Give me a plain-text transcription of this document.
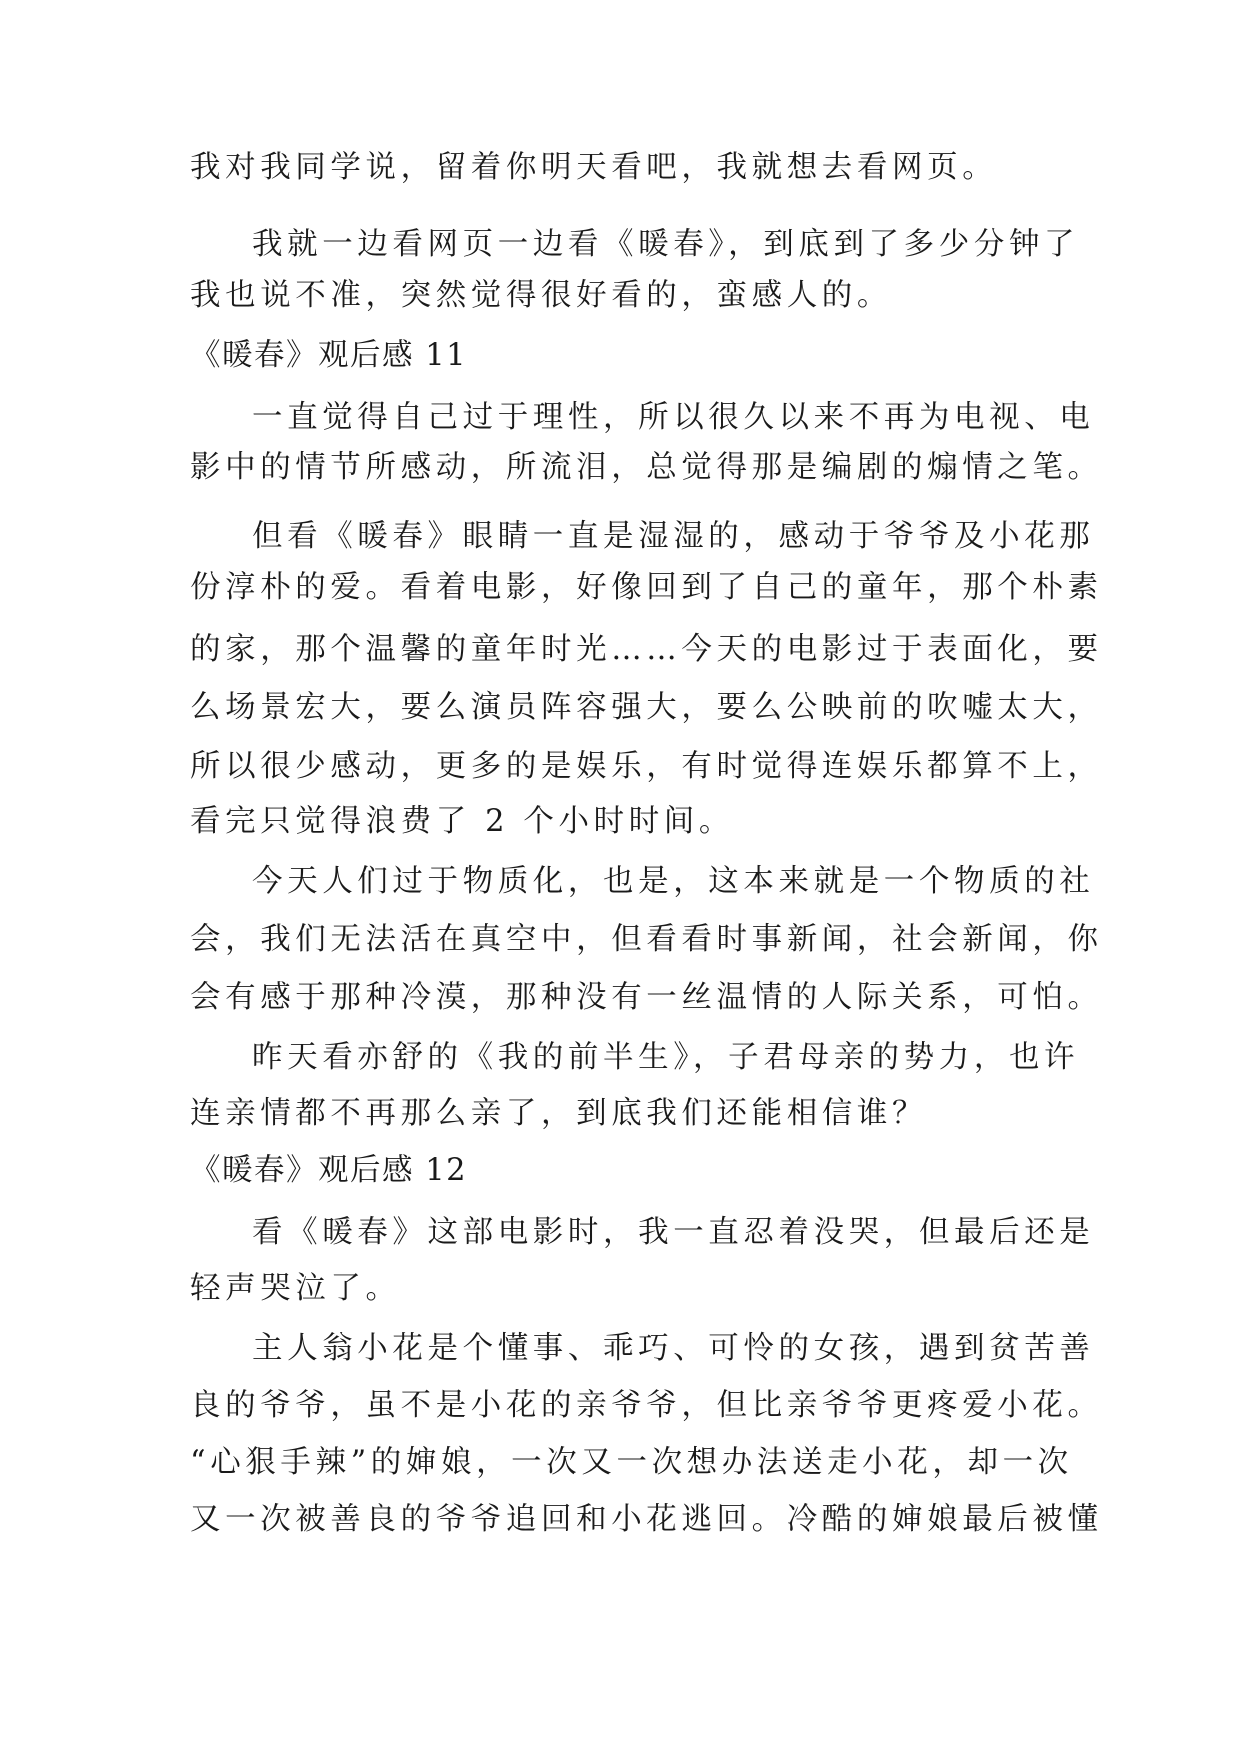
我对我同学说，留着你明天看吧，我就想去看网页。
我就一边看网页一边看《暖春》，到底到了多少分钟了
我也说不准，突然觉得很好看的，蛮感人的。
《暖春》观后感 11
一直觉得自己过于理性，所以很久以来不再为电视、电
影中的情节所感动，所流泪，总觉得那是编剧的煽情之笔。
但看《暖春》眼睛一直是湿湿的，感动于爷爷及小花那
份淳朴的爱。看着电影，好像回到了自己的童年，那个朴素
的家，那个温馨的童年时光……今天的电影过于表面化，要
么场景宏大，要么演员阵容强大，要么公映前的吹嘘太大，
所以很少感动，更多的是娱乐，有时觉得连娱乐都算不上，
看完只觉得浪费了 2 个小时时间。
今天人们过于物质化，也是，这本来就是一个物质的社
会，我们无法活在真空中，但看看时事新闻，社会新闻，你
会有感于那种冷漠，那种没有一丝温情的人际关系，可怕。
昨天看亦舒的《我的前半生》，子君母亲的势力，也许
连亲情都不再那么亲了，到底我们还能相信谁？
《暖春》观后感 12
看《暖春》这部电影时，我一直忍着没哭，但最后还是
轻声哭泣了。
主人翁小花是个懂事、乖巧、可怜的女孩，遇到贫苦善
良的爷爷，虽不是小花的亲爷爷，但比亲爷爷更疼爱小花。
“心狠手辣”的婶娘，一次又一次想办法送走小花，却一次
又一次被善良的爷爷追回和小花逃回。冷酷的婶娘最后被懂
